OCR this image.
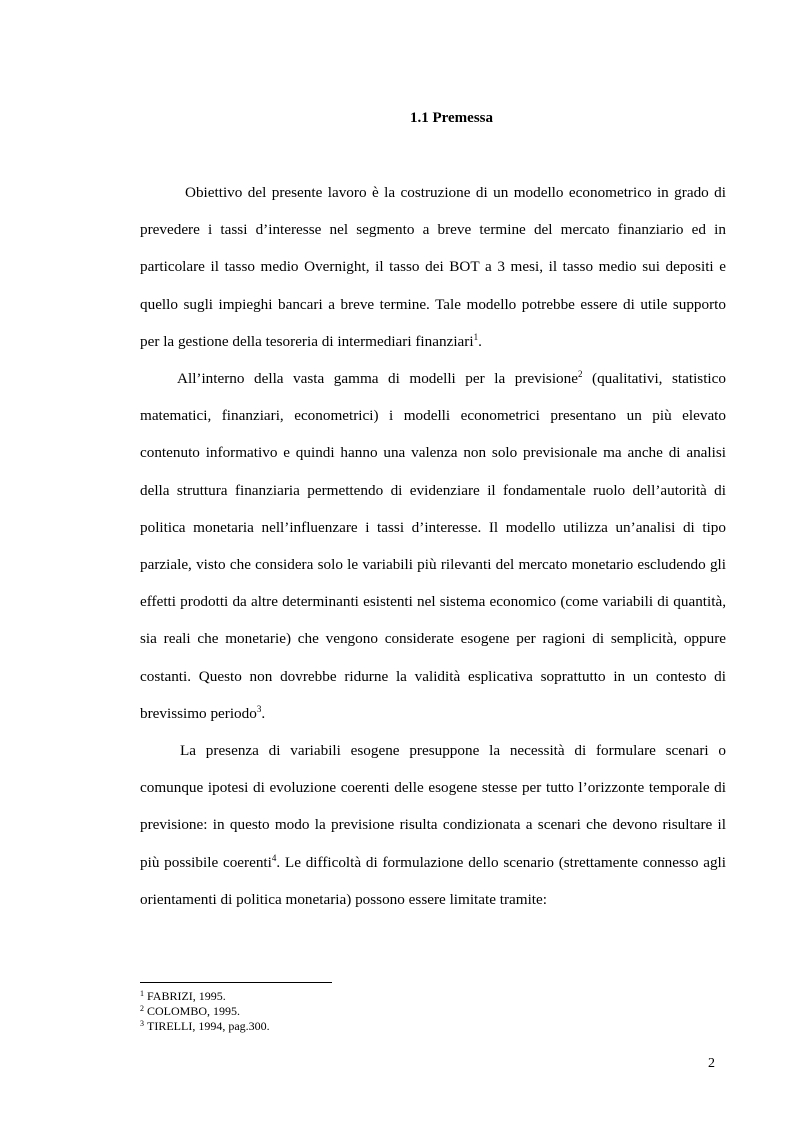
1.1 Premessa

Obiettivo del presente lavoro è la costruzione di un modello econometrico in grado di prevedere i tassi d’interesse nel segmento a breve termine del mercato finanziario ed in particolare il tasso medio Overnight, il tasso dei BOT a 3 mesi, il tasso medio sui depositi e quello sugli impieghi bancari a breve termine. Tale modello potrebbe essere di utile supporto per la gestione della tesoreria di intermediari finanziari$^1$.

All’interno della vasta gamma di modelli per la previsione$^2$ (qualitativi, statistico matematici, finanziari, econometrici) i modelli econometrici presentano un più elevato contenuto informativo e quindi hanno una valenza non solo previsionale ma anche di analisi della struttura finanziaria permettendo di evidenziare il fondamentale ruolo dell’autorità di politica monetaria nell’influenzare i tassi d’interesse. Il modello utilizza un’analisi di tipo parziale, visto che considera solo le variabili più rilevanti del mercato monetario escludendo gli effetti prodotti da altre determinanti esistenti nel sistema economico (come variabili di quantità, sia reali che monetarie) che vengono considerate esogene per ragioni di semplicità, oppure costanti. Questo non dovrebbe ridurne la validità esplicativa soprattutto in un contesto di brevissimo periodo$^3$.

La presenza di variabili esogene presuppone la necessità di formulare scenari o comunque ipotesi di evoluzione coerenti delle esogene stesse per tutto l’orizzonte temporale di previsione: in questo modo la previsione risulta condizionata a scenari che devono risultare il più possibile coerenti$^4$. Le difficoltà di formulazione dello scenario (strettamente connesso agli orientamenti di politica monetaria) possono essere limitate tramite:

$^1$ FABRIZI, 1995.
$^2$ COLOMBO, 1995.
$^3$ TIRELLI, 1994, pag.300.
2
